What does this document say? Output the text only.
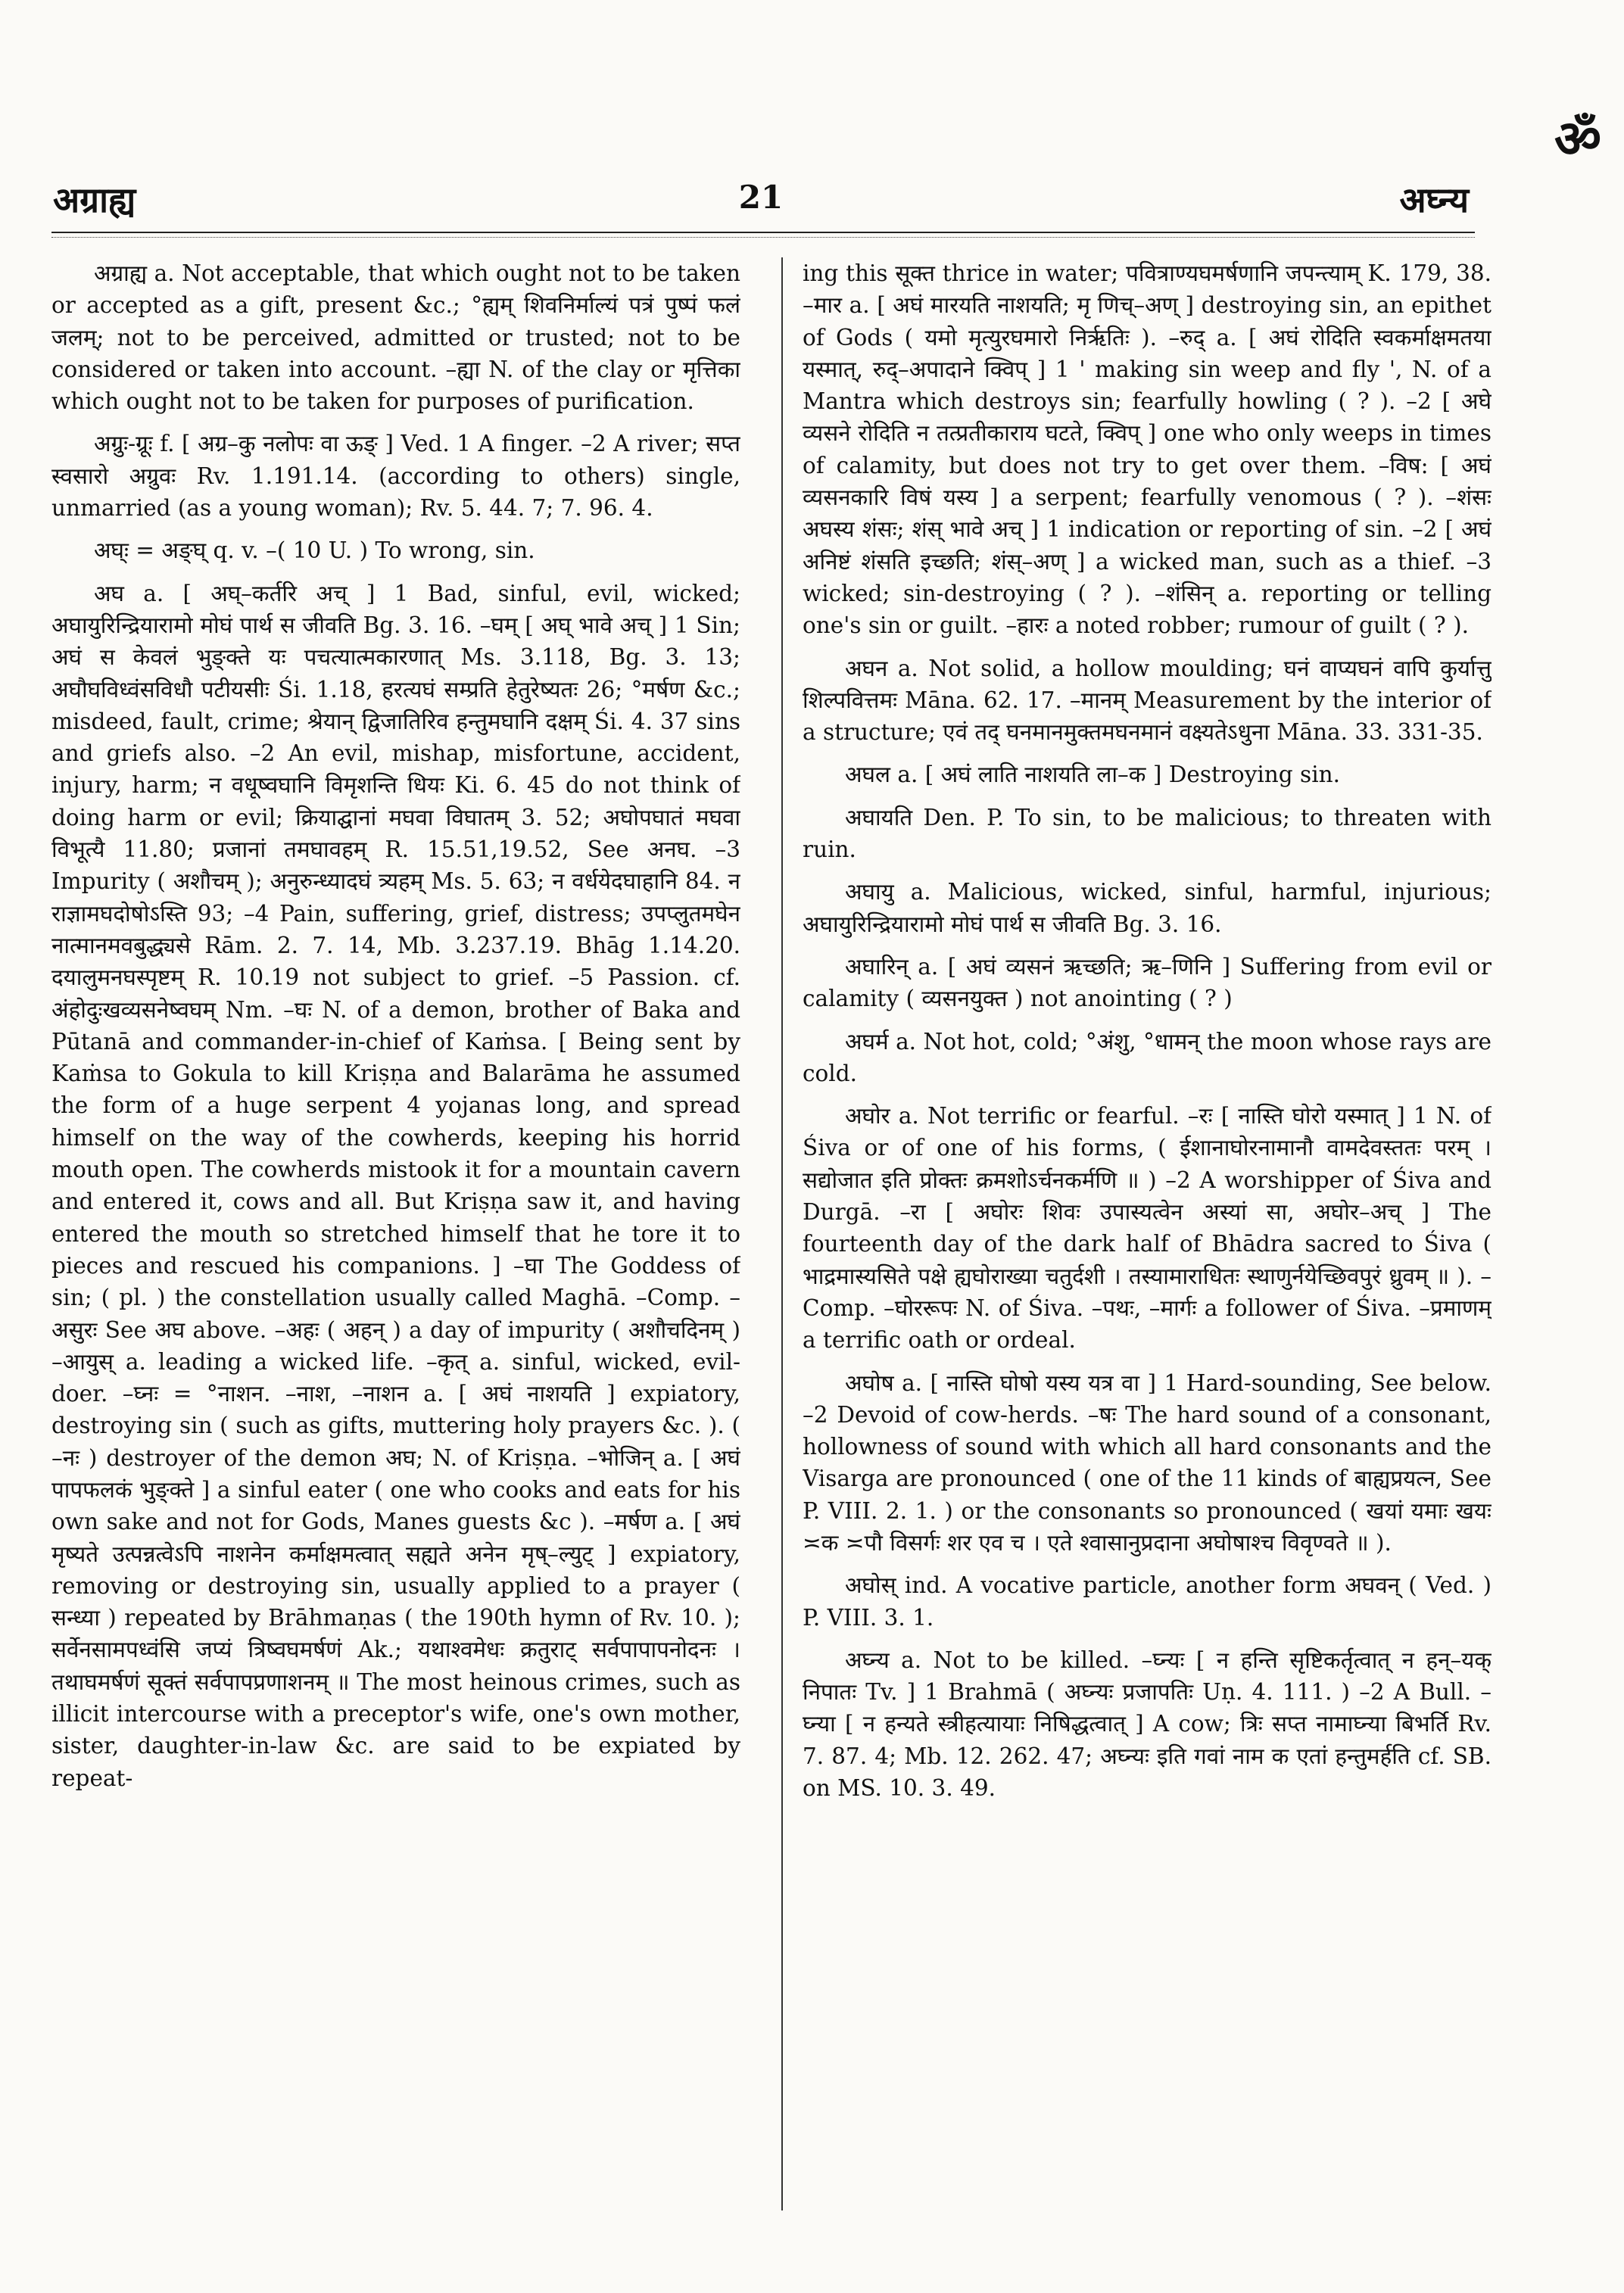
ॐ
अग्राह्य	21	अघ्न्य

अग्राह्य a. Not acceptable, that which ought not to be taken or accepted as a gift, present &c.; °ह्यम् शिवनिर्माल्यं पत्रं पुष्पं फलं जलम्; not to be perceived, admitted or trusted; not to be considered or taken into account. –ह्या N. of the clay or मृत्तिका which ought not to be taken for purposes of purification.

अग्रुः-ग्रूः f. [ अग्र–कु नलोपः वा ऊङ् ] Ved. 1 A finger. –2 A river; सप्त स्वसारो अग्रुवः Rv. 1.191.14. (according to others) single, unmarried (as a young woman); Rv. 5. 44. 7; 7. 96. 4.

अघ्ः = अङ्घ् q. v. –( 10 U. ) To wrong, sin.

अघ a. [ अघ्–कर्तरि अच् ] 1 Bad, sinful, evil, wicked; अघायुरिन्द्रियारामो मोघं पार्थ स जीवति Bg. 3. 16. –घम् [ अघ् भावे अच् ] 1 Sin; अघं स केवलं भुङ्क्ते यः पचत्यात्मकारणात् Ms. 3.118, Bg. 3. 13; अघौघविध्वंसविधौ पटीयसीः Śi. 1.18, हरत्यघं सम्प्रति हेतुरेष्यतः 26; °मर्षण &c.; misdeed, fault, crime; श्रेयान् द्विजातिरिव हन्तुमघानि दक्षम् Śi. 4. 37 sins and griefs also. –2 An evil, mishap, misfortune, accident, injury, harm; न वधूष्वघानि विमृशन्ति धियः Ki. 6. 45 do not think of doing harm or evil; क्रियाद्घानां मघवा विघातम् 3. 52; अघोपघातं मघवा विभूत्यै 11.80; प्रजानां तमघावहम् R. 15.51,19.52, See अनघ. –3 Impurity ( अशौचम् ); अनुरुन्ध्यादघं त्र्यहम् Ms. 5. 63; न वर्धयेदघाहानि 84. न राज्ञामघदोषोऽस्ति 93; –4 Pain, suffering, grief, distress; उपप्लुतमघेन नात्मानमवबुद्ध्यसे Rām. 2. 7. 14, Mb. 3.237.19. Bhāg 1.14.20. दयालुमनघस्पृष्टम् R. 10.19 not subject to grief. –5 Passion. cf. अंहोदुःखव्यसनेष्वघम् Nm. –घः N. of a demon, brother of Baka and Pūtanā and commander-in-chief of Kaṁsa. [ Being sent by Kaṁsa to Gokula to kill Kriṣṇa and Balarāma he assumed the form of a huge serpent 4 yojanas long, and spread himself on the way of the cowherds, keeping his horrid mouth open. The cowherds mistook it for a mountain cavern and entered it, cows and all. But Kriṣṇa saw it, and having entered the mouth so stretched himself that he tore it to pieces and rescued his companions. ] –घा The Goddess of sin; ( pl. ) the constellation usually called Maghā. –Comp. –असुरः See अघ above. –अहः ( अहन् ) a day of impurity ( अशौचदिनम् ) –आयुस् a. leading a wicked life. –कृत् a. sinful, wicked, evil-doer. –घ्नः = °नाशन. –नाश, –नाशन a. [ अघं नाशयति ] expiatory, destroying sin ( such as gifts, muttering holy prayers &c. ). ( –नः ) destroyer of the demon अघ; N. of Kriṣṇa. –भोजिन् a. [ अघं पापफलकं भुङ्क्ते ] a sinful eater ( one who cooks and eats for his own sake and not for Gods, Manes guests &c ). –मर्षण a. [ अघं मृष्यते उत्पन्नत्वेऽपि नाशनेन कर्माक्षमत्वात् सह्यते अनेन मृष्–ल्युट् ] expiatory, removing or destroying sin, usually applied to a prayer ( सन्ध्या ) repeated by Brāhmaṇas ( the 190th hymn of Rv. 10. ); सर्वेनसामपध्वंसि जप्यं त्रिष्वघमर्षणं Ak.; यथाश्वमेधः क्रतुराट् सर्वपापापनोदनः । तथाघमर्षणं सूक्तं सर्वपापप्रणाशनम् ॥ The most heinous crimes, such as illicit intercourse with a preceptor's wife, one's own mother, sister, daughter-in-law &c. are said to be expiated by repeat-

ing this सूक्त thrice in water; पवित्राण्यघमर्षणानि जपन्त्याम् K. 179, 38. –मार a. [ अघं मारयति नाशयति; मृ णिच्–अण् ] destroying sin, an epithet of Gods ( यमो मृत्युरघमारो निर्ऋतिः ). –रुद् a. [ अघं रोदिति स्वकर्माक्षमतया यस्मात्, रुद्–अपादाने क्विप् ] 1 ' making sin weep and fly ', N. of a Mantra which destroys sin; fearfully howling ( ? ). –2 [ अघे व्यसने रोदिति न तत्प्रतीकाराय घटते, क्विप् ] one who only weeps in times of calamity, but does not try to get over them. –विष: [ अघं व्यसनकारि विषं यस्य ] a serpent; fearfully venomous ( ? ). –शंसः अघस्य शंसः; शंस् भावे अच् ] 1 indication or reporting of sin. –2 [ अघं अनिष्टं शंसति इच्छति; शंस्–अण् ] a wicked man, such as a thief. –3 wicked; sin-destroying ( ? ). –शंसिन् a. reporting or telling one's sin or guilt. –हारः a noted robber; rumour of guilt ( ? ).

अघन a. Not solid, a hollow moulding; घनं वाप्यघनं वापि कुर्यात्तु शिल्पवित्तमः Māna. 62. 17. –मानम् Measurement by the interior of a structure; एवं तद् घनमानमुक्तमघनमानं वक्ष्यतेऽधुना Māna. 33. 331-35.

अघल a. [ अघं लाति नाशयति ला–क ] Destroying sin.

अघायति Den. P. To sin, to be malicious; to threaten with ruin.

अघायु a. Malicious, wicked, sinful, harmful, injurious; अघायुरिन्द्रियारामो मोघं पार्थ स जीवति Bg. 3. 16.

अघारिन् a. [ अघं व्यसनं ऋच्छति; ऋ–णिनि ] Suffering from evil or calamity ( व्यसनयुक्त ) not anointing ( ? )

अघर्म a. Not hot, cold; °अंशु, °धामन् the moon whose rays are cold.

अघोर a. Not terrific or fearful. –रः [ नास्ति घोरो यस्मात् ] 1 N. of Śiva or of one of his forms, ( ईशानाघोरनामानौ वामदेवस्ततः परम् । सद्योजात इति प्रोक्तः क्रमशोऽर्चनकर्मणि ॥ ) –2 A worshipper of Śiva and Durgā. –रा [ अघोरः शिवः उपास्यत्वेन अस्यां सा, अघोर–अच् ] The fourteenth day of the dark half of Bhādra sacred to Śiva ( भाद्रमास्यसिते पक्षे ह्यघोराख्या चतुर्दशी । तस्यामाराधितः स्थाणुर्नयेच्छिवपुरं ध्रुवम् ॥ ). –Comp. –घोररूपः N. of Śiva. –पथः, –मार्गः a follower of Śiva. –प्रमाणम् a terrific oath or ordeal.

अघोष a. [ नास्ति घोषो यस्य यत्र वा ] 1 Hard-sounding, See below. –2 Devoid of cow-herds. –षः The hard sound of a consonant, hollowness of sound with which all hard consonants and the Visarga are pronounced ( one of the 11 kinds of बाह्यप्रयत्न, See P. VIII. 2. 1. ) or the consonants so pronounced ( खयां यमाः खयः ≍क ≍पौ विसर्गः शर एव च । एते श्वासानुप्रदाना अघोषाश्च विवृण्वते ॥ ).

अघोस् ind. A vocative particle, another form अघवन् ( Ved. ) P. VIII. 3. 1.

अघ्न्य a. Not to be killed. –घ्न्यः [ न हन्ति सृष्टिकर्तृत्वात् न हन्–यक् निपातः Tv. ] 1 Brahmā ( अघ्न्यः प्रजापतिः Uṇ. 4. 111. ) –2 A Bull. –घ्न्या [ न हन्यते स्त्रीहत्यायाः निषिद्धत्वात् ] A cow; त्रिः सप्त नामाघ्न्या बिभर्ति Rv. 7. 87. 4; Mb. 12. 262. 47; अघ्न्यः इति गवां नाम क एतां हन्तुमर्हति cf. SB. on MS. 10. 3. 49.
